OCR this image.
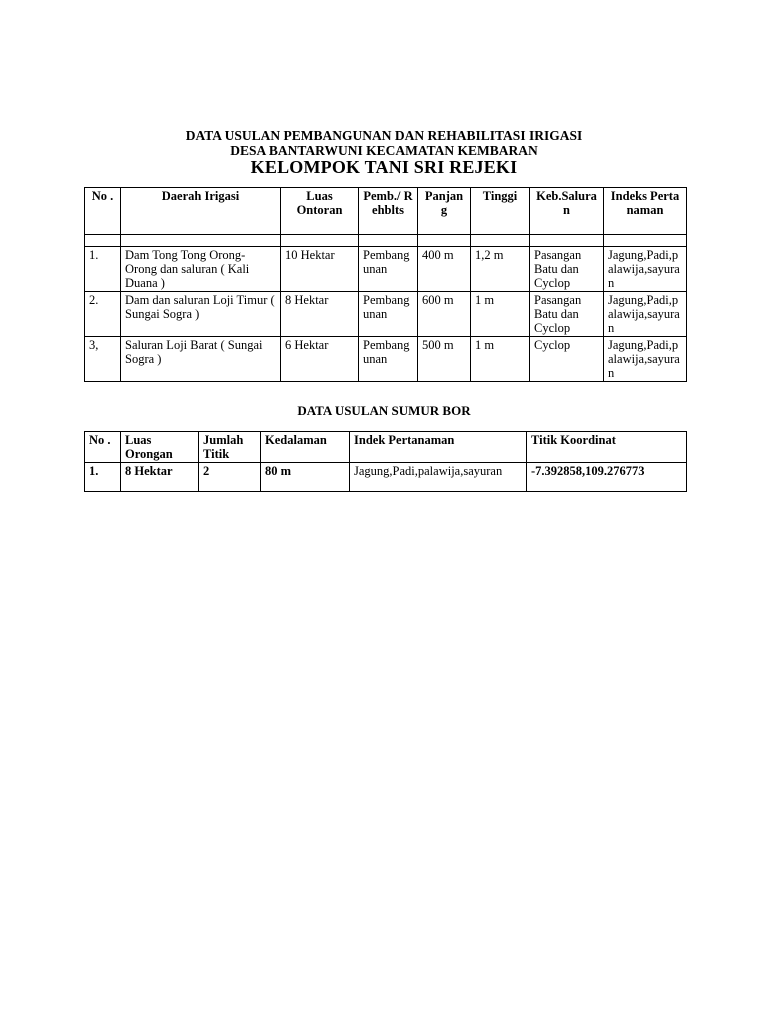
DATA USULAN PEMBANGUNAN DAN REHABILITASI IRIGASI
DESA BANTARWUNI KECAMATAN KEMBARAN
KELOMPOK TANI SRI REJEKI
No .	Daerah Irigasi	Luas Ontoran	Pemb./ Rehblts	Panjang	Tinggi	Keb.Saluran	Indeks Pertanaman

1.	Dam Tong Tong Orong-Orong dan saluran ( Kali Duana )	10 Hektar	Pembangunan	400 m	1,2 m	Pasangan Batu dan Cyclop	Jagung,Padi,palawija,sayuran
2.	Dam dan saluran Loji Timur ( Sungai Sogra )	8 Hektar	Pembangunan	600 m	1 m	Pasangan Batu dan Cyclop	Jagung,Padi,palawija,sayuran
3,	Saluran Loji Barat ( Sungai Sogra )	6 Hektar	Pembangunan	500 m	1 m	Cyclop	Jagung,Padi,palawija,sayuran
DATA USULAN SUMUR BOR
No .	Luas Orongan	Jumlah Titik	Kedalaman	Indek Pertanaman	Titik Koordinat
1.	8 Hektar	2	80 m	Jagung,Padi,palawija,sayuran	-7.392858,109.276773
